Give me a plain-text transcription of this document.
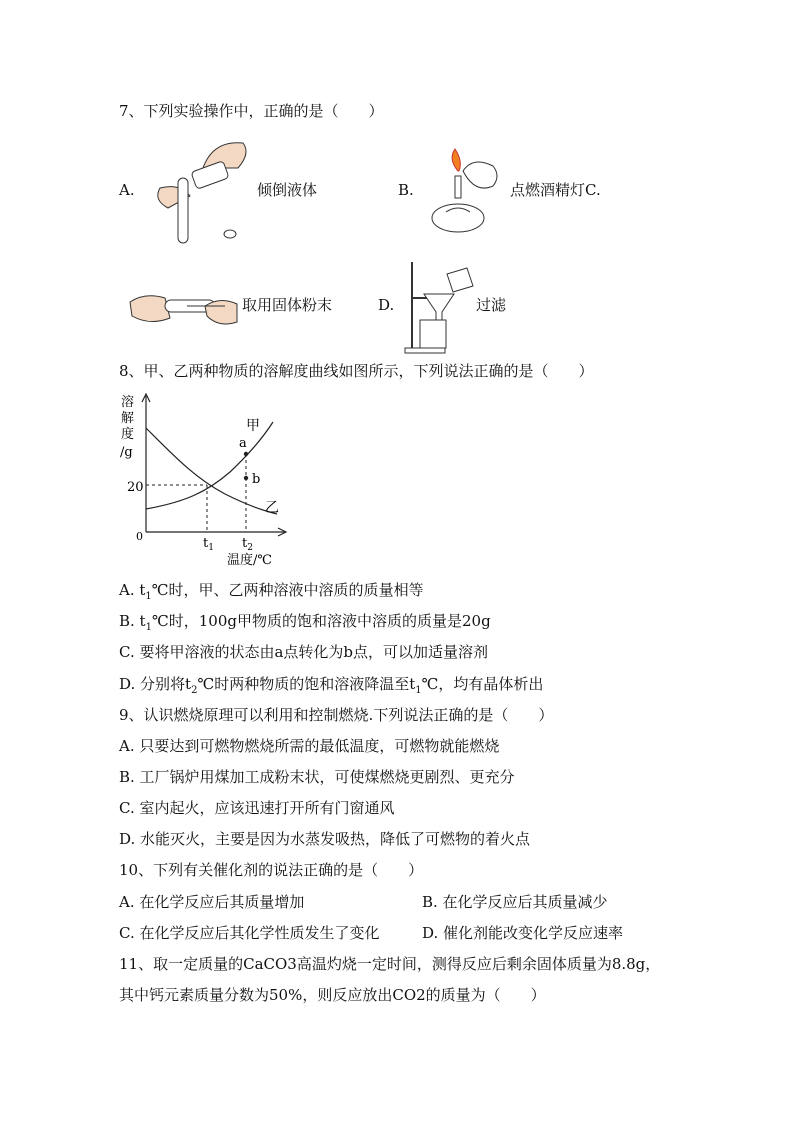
7、下列实验操作中，正确的是（　　）
A.	倾倒液体	B.	点燃酒精灯C.
取用固体粉末	D.	过滤
8、甲、乙两种物质的溶解度曲线如图所示，下列说法正确的是（　　）
溶
解
度
/g
20
0
a
b
甲
乙
$t_1$ $t_2$
温度/℃
A. $t_1℃$时，甲、乙两种溶液中溶质的质量相等
B. $t_1℃$时，100g甲物质的饱和溶液中溶质的质量是20g
C. 要将甲溶液的状态由a点转化为b点，可以加适量溶剂
D. 分别将$t_2℃$时两种物质的饱和溶液降温至$t_1℃$，均有晶体析出
9、认识燃烧原理可以利用和控制燃烧.下列说法正确的是（　　）
A. 只要达到可燃物燃烧所需的最低温度，可燃物就能燃烧
B. 工厂锅炉用煤加工成粉末状，可使煤燃烧更剧烈、更充分
C. 室内起火，应该迅速打开所有门窗通风
D. 水能灭火，主要是因为水蒸发吸热，降低了可燃物的着火点
10、下列有关催化剂的说法正确的是（　　）
A. 在化学反应后其质量增加	B. 在化学反应后其质量减少
C. 在化学反应后其化学性质发生了变化	D. 催化剂能改变化学反应速率
11、取一定质量的CaCO3高温灼烧一定时间，测得反应后剩余固体质量为8.8g，
其中钙元素质量分数为50%，则反应放出CO2的质量为（　　）
